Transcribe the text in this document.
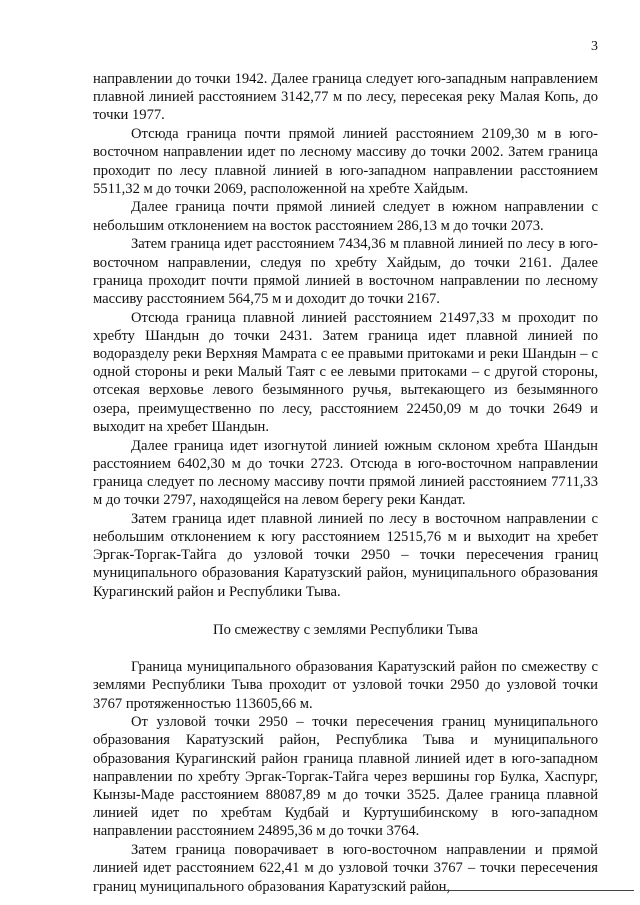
3

направлении до точки 1942. Далее граница следует юго-западным направлением плавной линией расстоянием 3142,77 м по лесу, пересекая реку Малая Копь, до точки 1977.

Отсюда граница почти прямой линией расстоянием 2109,30 м в юго-восточном направлении идет по лесному массиву до точки 2002. Затем граница проходит по лесу плавной линией в юго-западном направлении расстоянием 5511,32 м до точки 2069, расположенной на хребте Хайдым.

Далее граница почти прямой линией следует в южном направлении с небольшим отклонением на восток расстоянием 286,13 м до точки 2073.

Затем граница идет расстоянием 7434,36 м плавной линией по лесу в юго-восточном направлении, следуя по хребту Хайдым, до точки 2161. Далее граница проходит почти прямой линией в восточном направлении по лесному массиву расстоянием 564,75 м и доходит до точки 2167.

Отсюда граница плавной линией расстоянием 21497,33 м проходит по хребту Шандын до точки 2431. Затем граница идет плавной линией по водоразделу реки Верхняя Мамрата с ее правыми притоками и реки Шандын – с одной стороны и реки Малый Таят с ее левыми притоками – с другой стороны, отсекая верховье левого безымянного ручья, вытекающего из безымянного озера, преимущественно по лесу, расстоянием 22450,09 м до точки 2649 и выходит на хребет Шандын.

Далее граница идет изогнутой линией южным склоном хребта Шандын расстоянием 6402,30 м до точки 2723. Отсюда в юго-восточном направлении граница следует по лесному массиву почти прямой линией расстоянием 7711,33 м до точки 2797, находящейся на левом берегу реки Кандат.

Затем граница идет плавной линией по лесу в восточном направлении с небольшим отклонением к югу расстоянием 12515,76 м и выходит на хребет Эргак-Торгак-Тайга до узловой точки 2950 – точки пересечения границ муниципального образования Каратузский район, муниципального образования Курагинский район и Республики Тыва.

По смежеству с землями Республики Тыва

Граница муниципального образования Каратузский район по смежеству с землями Республики Тыва проходит от узловой точки 2950 до узловой точки 3767 протяженностью 113605,66 м.

От узловой точки 2950 – точки пересечения границ муниципального образования Каратузский район, Республика Тыва и муниципального образования Курагинский район граница плавной линией идет в юго-западном направлении по хребту Эргак-Торгак-Тайга через вершины гор Булка, Хаспург, Кынзы-Маде расстоянием 88087,89 м до точки 3525. Далее граница плавной линией идет по хребтам Кудбай и Куртушибинскому в юго-западном направлении расстоянием 24895,36 м до точки 3764.

Затем граница поворачивает в юго-восточном направлении и прямой линией идет расстоянием 622,41 м до узловой точки 3767 – точки пересечения границ муниципального образования Каратузский район,
